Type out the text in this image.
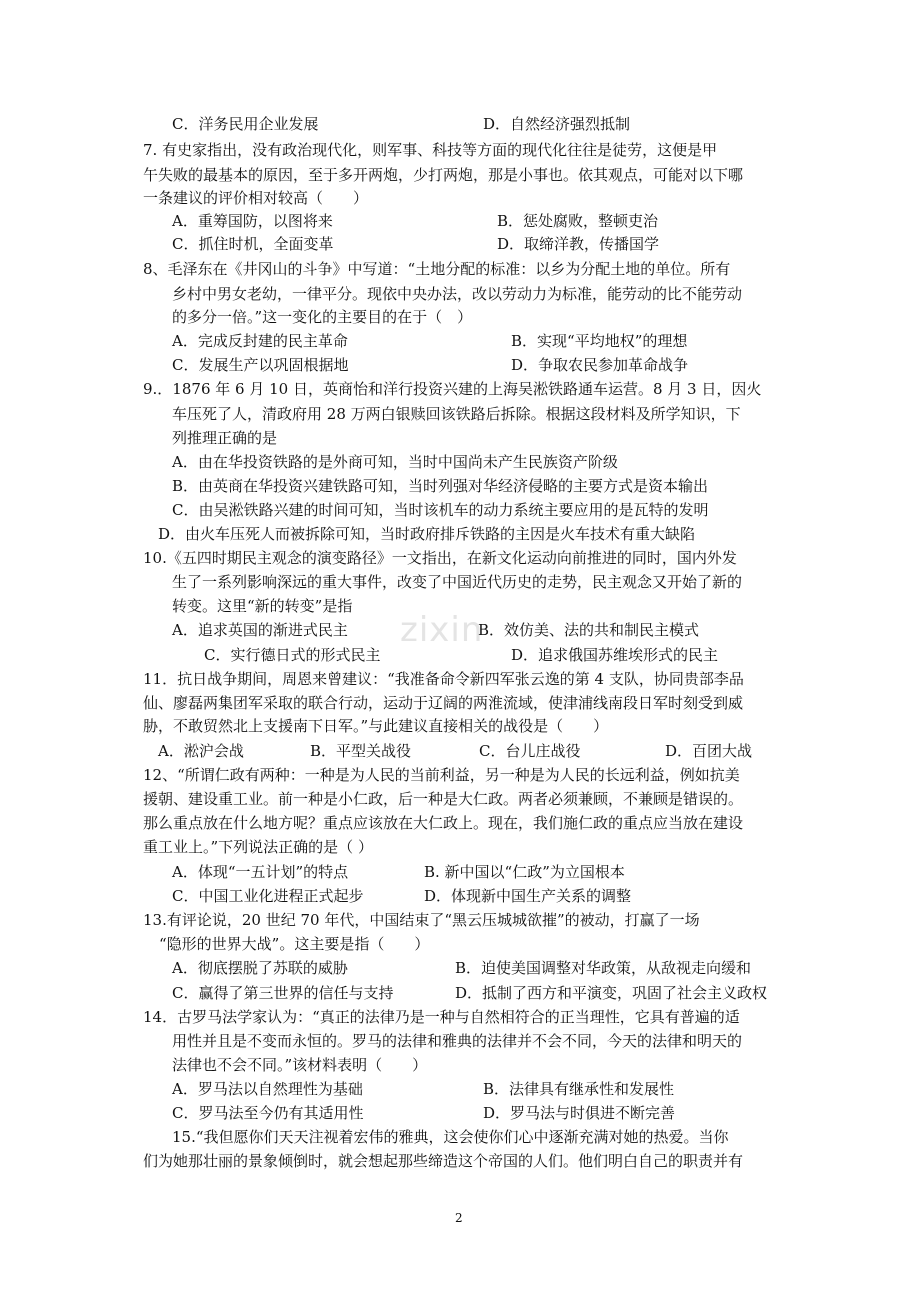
zixin
C．洋务民用企业发展	D．自然经济强烈抵制
7. 有史家指出，没有政治现代化，则军事、科技等方面的现代化往往是徒劳，这便是甲
午失败的最基本的原因，至于多开两炮，少打两炮，那是小事也。依其观点，可能对以下哪
一条建议的评价相对较高（　　）
A．重筹国防，以图将来	B．惩处腐败，整顿吏治
C．抓住时机，全面变革	D．取缔洋教，传播国学
8、毛泽东在《井冈山的斗争》中写道：“土地分配的标准：以乡为分配土地的单位。所有
乡村中男女老幼，一律平分。现依中央办法，改以劳动力为标准，能劳动的比不能劳动
的多分一倍。”这一变化的主要目的在于（　）
A．完成反封建的民主革命	B．实现“平均地权”的理想
C．发展生产以巩固根据地	D．争取农民参加革命战争
9.．1876 年 6 月 10 日，英商怡和洋行投资兴建的上海吴淞铁路通车运营。8 月 3 日，因火
车压死了人，清政府用 28 万两白银赎回该铁路后拆除。根据这段材料及所学知识，下
列推理正确的是
A．由在华投资铁路的是外商可知，当时中国尚未产生民族资产阶级
B．由英商在华投资兴建铁路可知，当时列强对华经济侵略的主要方式是资本输出
C．由吴淞铁路兴建的时间可知，当时该机车的动力系统主要应用的是瓦特的发明
D．由火车压死人而被拆除可知，当时政府排斥铁路的主因是火车技术有重大缺陷
10.《五四时期民主观念的演变路径》一文指出，在新文化运动向前推进的同时，国内外发
生了一系列影响深远的重大事件，改变了中国近代历史的走势，民主观念又开始了新的
转变。这里“新的转变”是指
A．追求英国的渐进式民主	B．效仿美、法的共和制民主模式
C．实行德日式的形式民主	D．追求俄国苏维埃形式的民主
11．抗日战争期间，周恩来曾建议：“我准备命令新四军张云逸的第 4 支队，协同贵部李品
仙、廖磊两集团军采取的联合行动，运动于辽阔的两淮流域，使津浦线南段日军时刻受到威
胁，不敢贸然北上支援南下日军。”与此建议直接相关的战役是（　　）
A．淞沪会战	B．平型关战役	C．台儿庄战役	D．百团大战
12、“所谓仁政有两种：一种是为人民的当前利益，另一种是为人民的长远利益，例如抗美
援朝、建设重工业。前一种是小仁政，后一种是大仁政。两者必须兼顾，不兼顾是错误的。
那么重点放在什么地方呢？重点应该放在大仁政上。现在，我们施仁政的重点应当放在建设
重工业上。”下列说法正确的是（ ）
A．体现“一五计划”的特点	B. 新中国以“仁政”为立国根本
C．中国工业化进程正式起步	D．体现新中国生产关系的调整
13.有评论说，20 世纪 70 年代，中国结束了“黑云压城城欲摧”的被动，打赢了一场
“隐形的世界大战”。这主要是指（　　）
A．彻底摆脱了苏联的威胁	B．迫使美国调整对华政策，从敌视走向缓和
C．赢得了第三世界的信任与支持	D．抵制了西方和平演变，巩固了社会主义政权
14．古罗马法学家认为：“真正的法律乃是一种与自然相符合的正当理性，它具有普遍的适
用性并且是不变而永恒的。罗马的法律和雅典的法律并不会不同，今天的法律和明天的
法律也不会不同。”该材料表明（　　）
A．罗马法以自然理性为基础	B．法律具有继承性和发展性
C．罗马法至今仍有其适用性	D．罗马法与时俱进不断完善
15.“我但愿你们天天注视着宏伟的雅典，这会使你们心中逐渐充满对她的热爱。当你
们为她那壮丽的景象倾倒时，就会想起那些缔造这个帝国的人们。他们明白自己的职责并有
2
